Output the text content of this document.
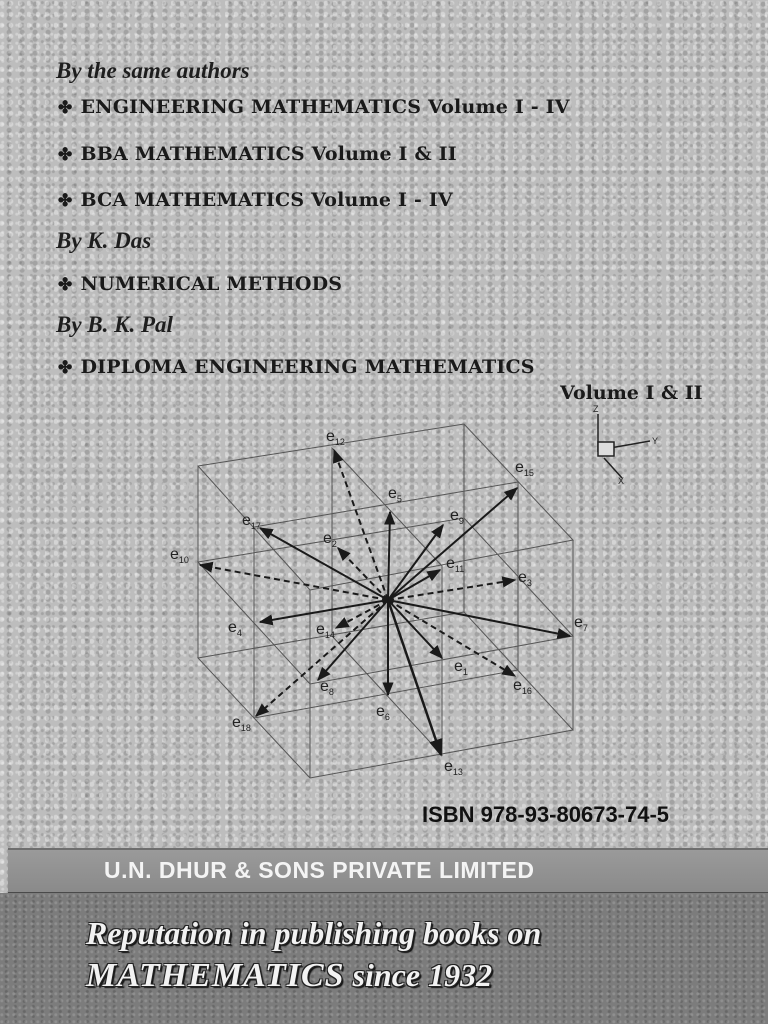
By the same authors
✤ ENGINEERING MATHEMATICS Volume I - IV
✤ BBA MATHEMATICS Volume I & II
✤ BCA MATHEMATICS Volume I - IV
By K. Das
✤ NUMERICAL METHODS
By B. K. Pal
✤ DIPLOMA ENGINEERING MATHEMATICS
Volume I & II
Z
Y
X
$e_{12}$
$e_{15}$
$e_5$
$e_{17}$
$e_9$
$e_2$
$e_{10}$	$e_{11}$	$e_3$
$e_4$	$e_{14}$
$e_7$
$e_8$
$e_1$
$e_{16}$
$e_{18}$
$e_6$
$e_{13}$
ISBN 978-93-80673-74-5
U.N. DHUR & SONS PRIVATE LIMITED
Reputation in publishing books on
MATHEMATICS since 1932
